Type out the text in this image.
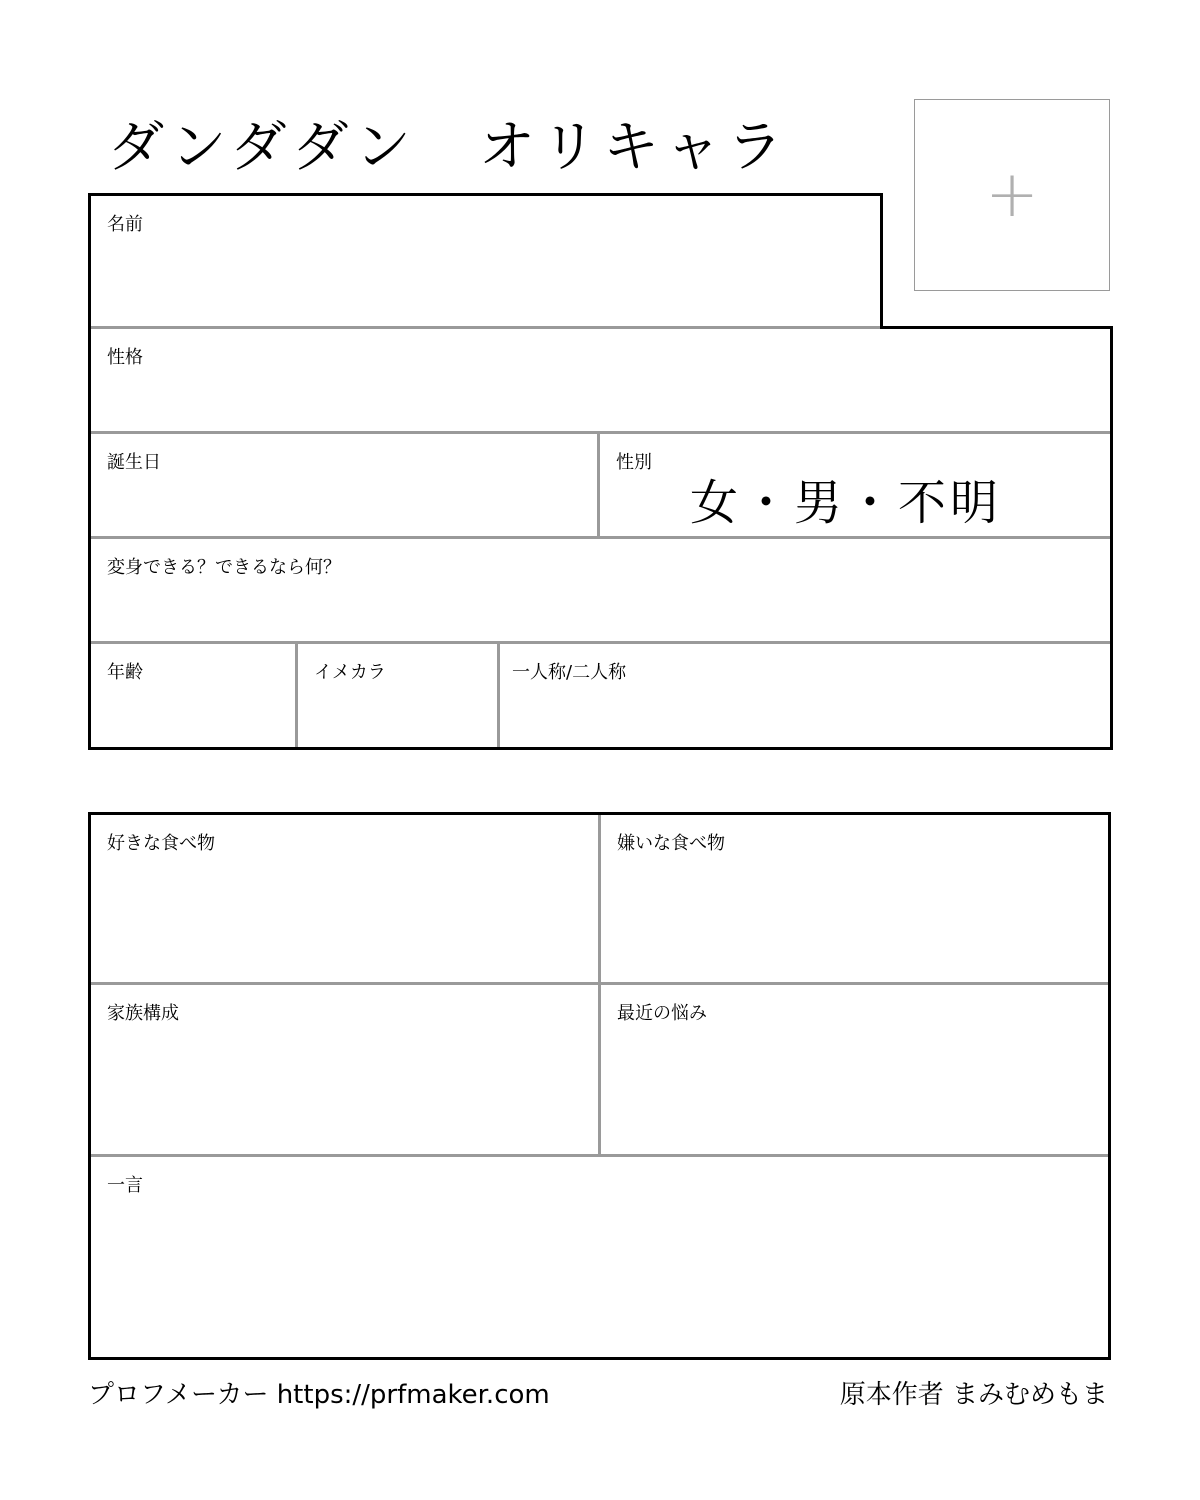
ダンダダン　オリキャラ
+
名前
性格
誕生日	性別
女・男・不明
変身できる？できるなら何？
年齢	イメカラ	一人称/二人称
好きな食べ物	嫌いな食べ物
家族構成	最近の悩み
一言
プロフメーカー https://prfmaker.com	原本作者 まみむめもま
